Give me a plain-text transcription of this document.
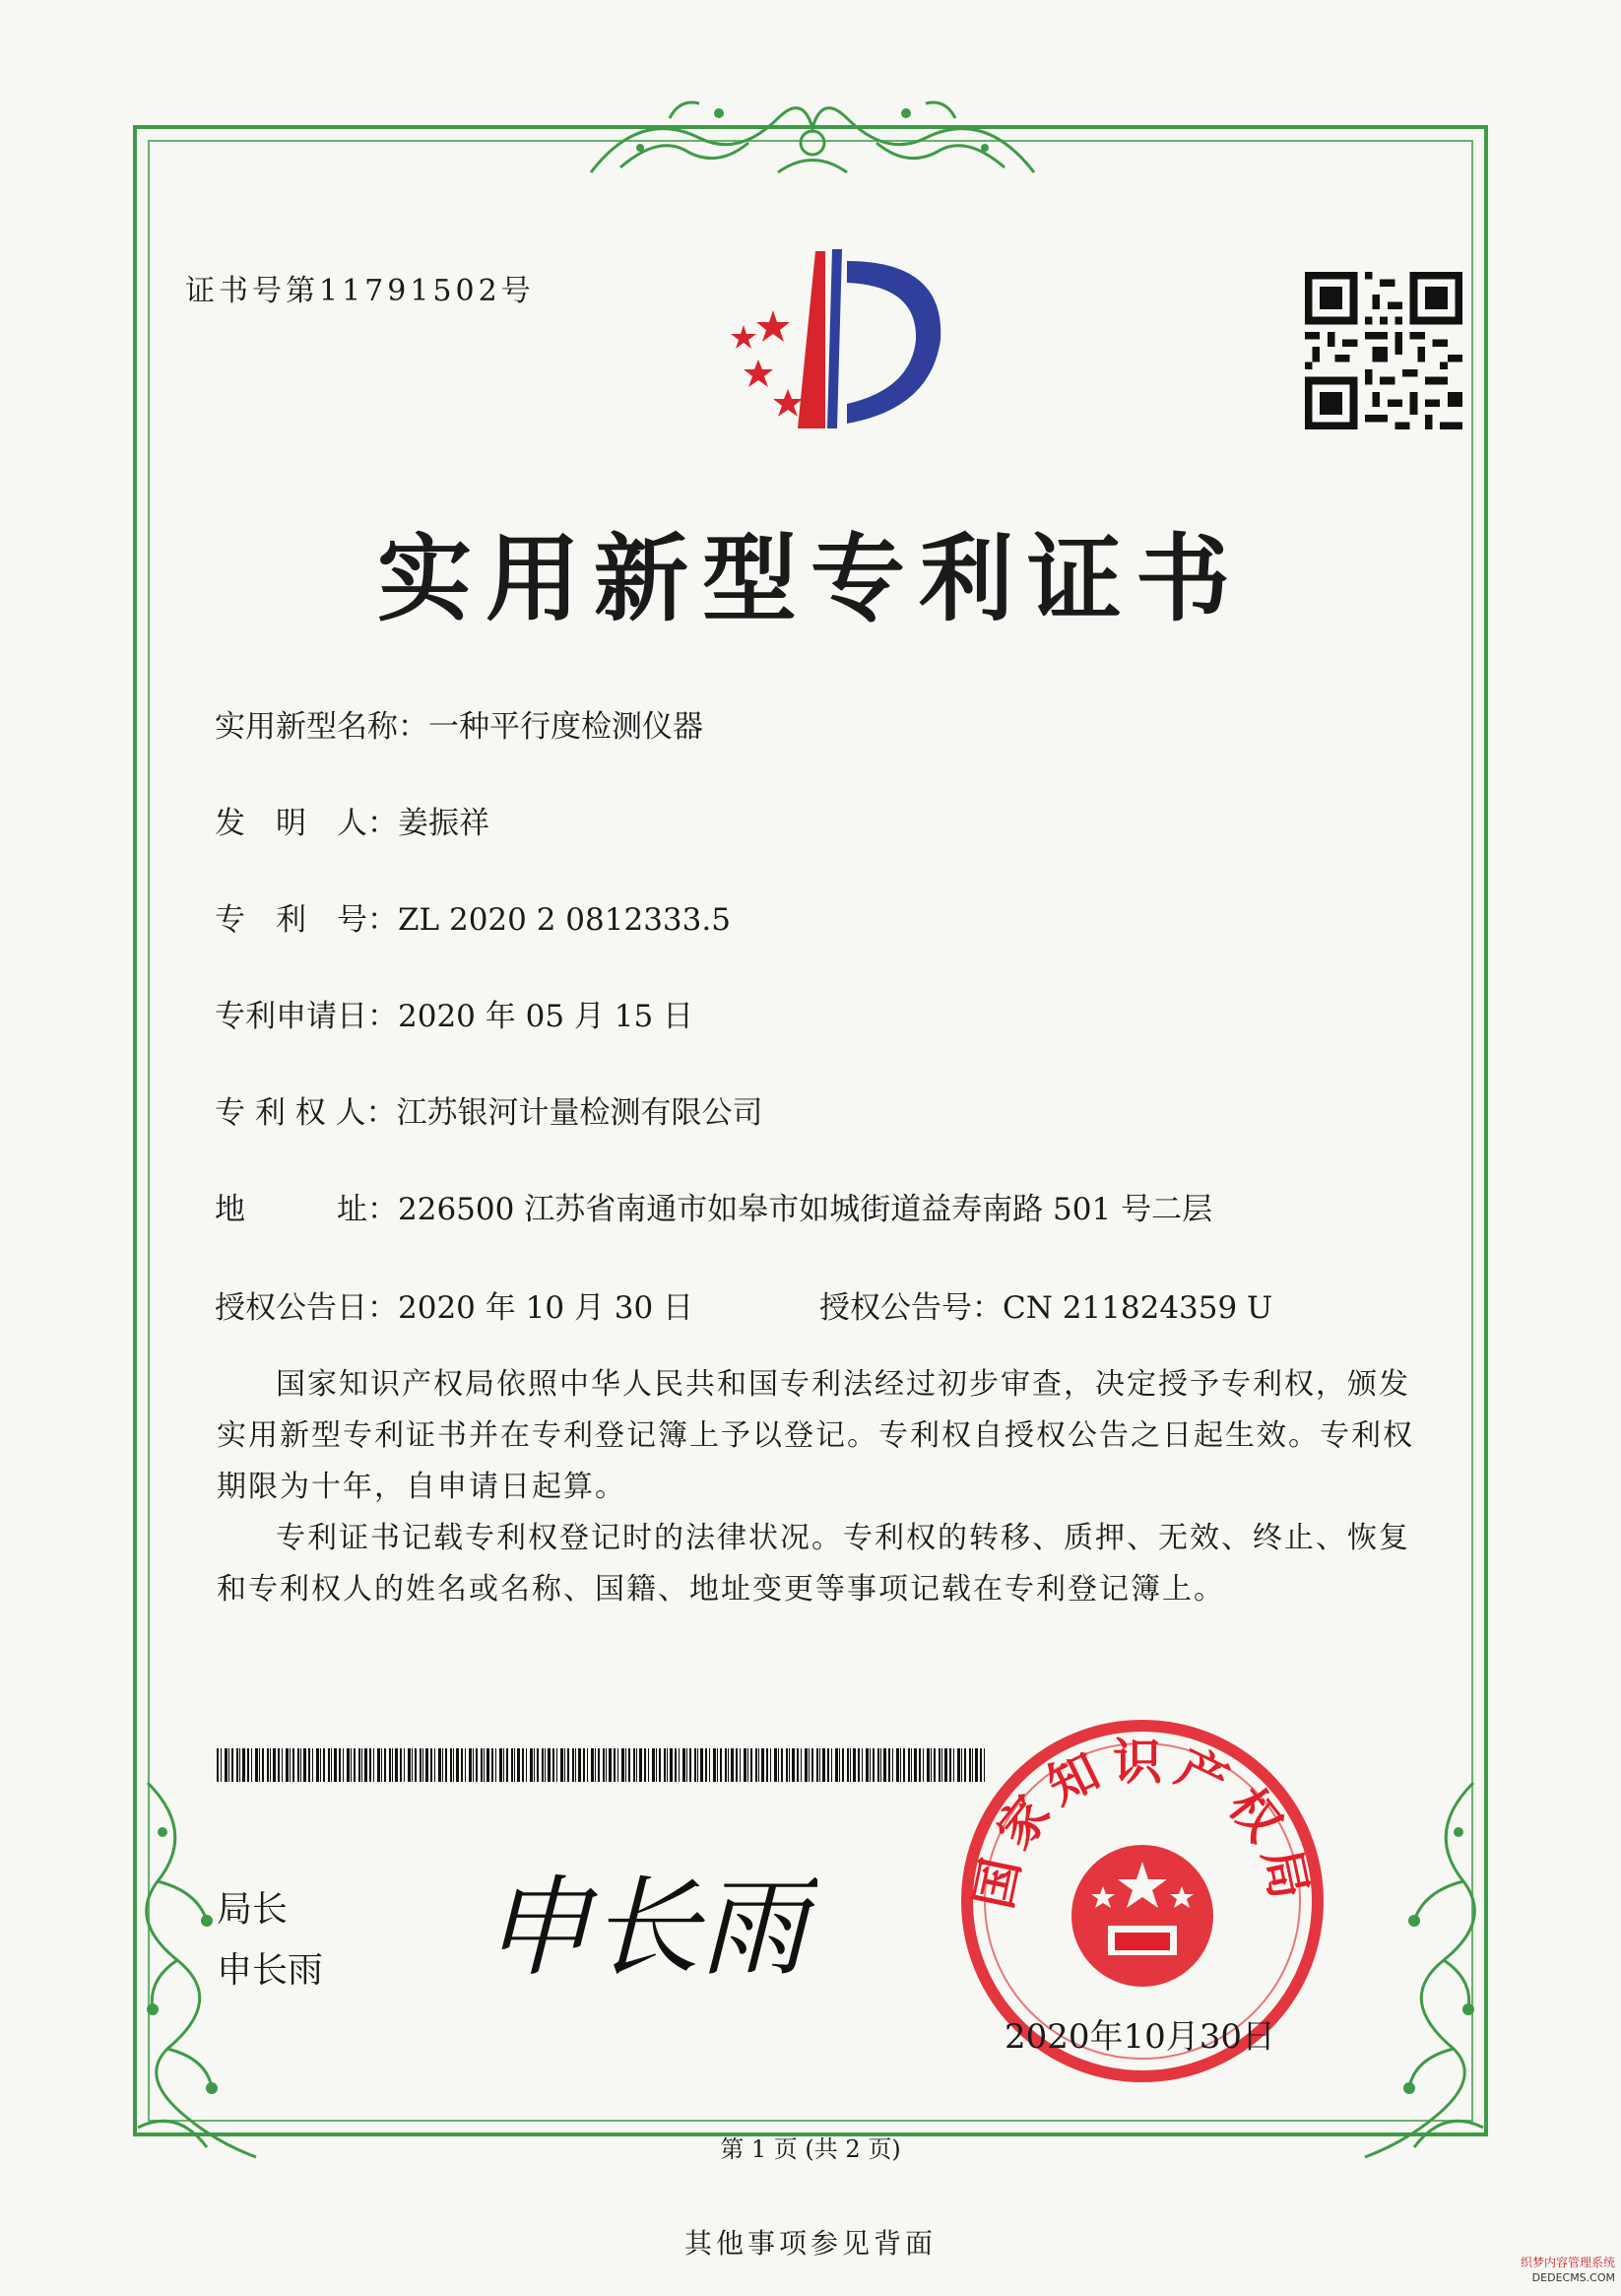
证书号第11791502号
实用新型专利证书
实用新型名称：一种平行度检测仪器
发　明　人：姜振祥
专　利　号：ZL 2020 2 0812333.5
专利申请日：2020 年 05 月 15 日
专 利 权 人：江苏银河计量检测有限公司
地　　　址：226500 江苏省南通市如皋市如城街道益寿南路 501 号二层
授权公告日：2020 年 10 月 30 日	授权公告号：CN 211824359 U

国家知识产权局依照中华人民共和国专利法经过初步审查，决定授予专利权，颁发实用新型专利证书并在专利登记簿上予以登记。专利权自授权公告之日起生效。专利权期限为十年，自申请日起算。

专利证书记载专利权登记时的法律状况。专利权的转移、质押、无效、终止、恢复和专利权人的姓名或名称、国籍、地址变更等事项记载在专利登记簿上。

局长
申长雨 申长雨	国家知识产权局
2020年10月30日
第 1 页 (共 2 页)
其他事项参见背面
织梦内容管理系统
DEDECMS.COM
